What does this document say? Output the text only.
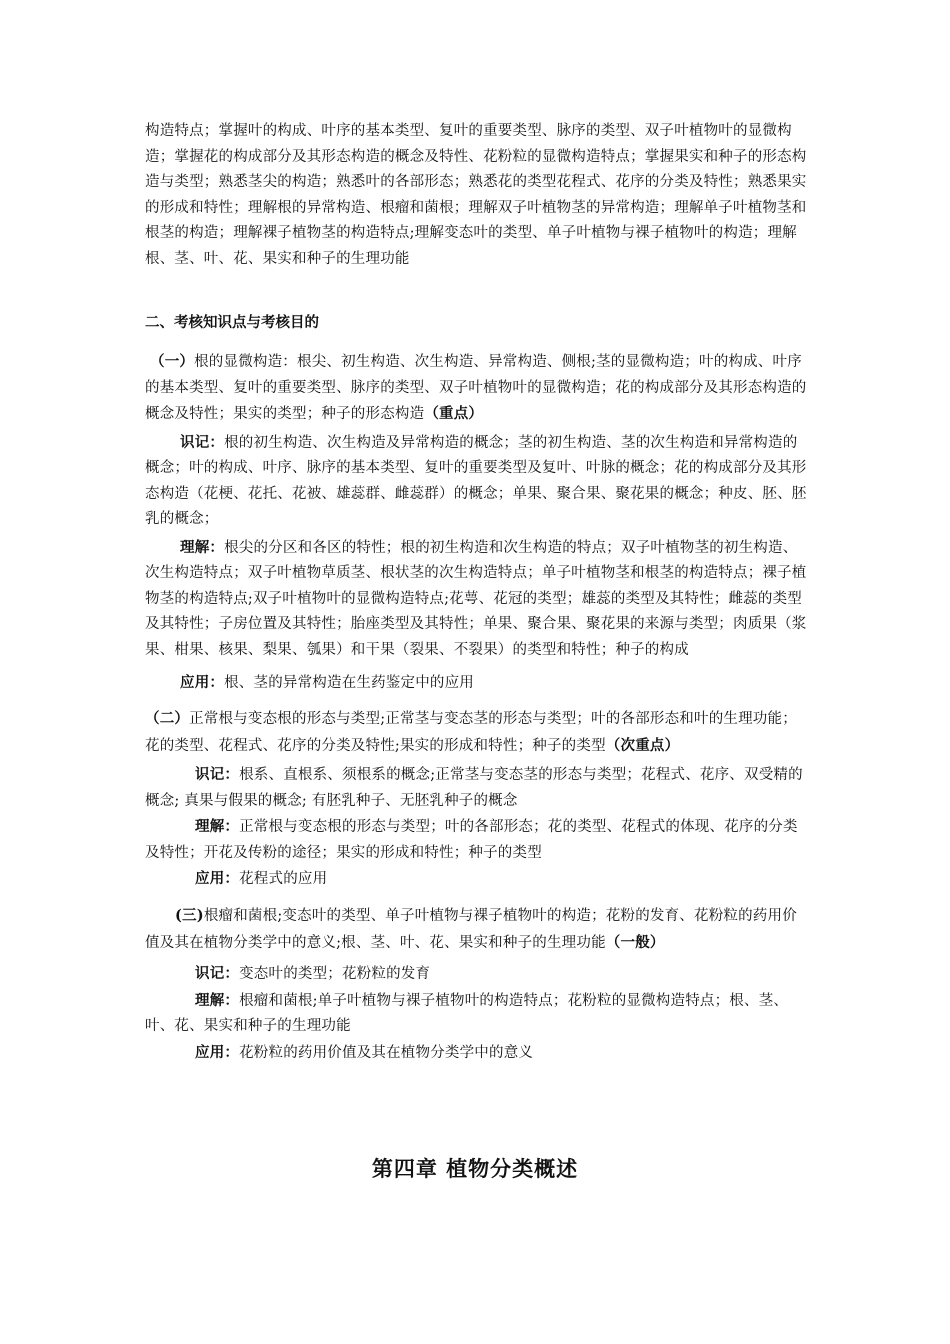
构造特点；掌握叶的构成、叶序的基本类型、复叶的重要类型、脉序的类型、双子叶植物叶的显微构造；掌握花的构成部分及其形态构造的概念及特性、花粉粒的显微构造特点；掌握果实和种子的形态构造与类型；熟悉茎尖的构造；熟悉叶的各部形态；熟悉花的类型花程式、花序的分类及特性；熟悉果实的形成和特性；理解根的异常构造、根瘤和菌根；理解双子叶植物茎的异常构造；理解单子叶植物茎和根茎的构造；理解裸子植物茎的构造特点;理解变态叶的类型、单子叶植物与裸子植物叶的构造；理解根、茎、叶、花、果实和种子的生理功能

二、考核知识点与考核目的

（一）根的显微构造：根尖、初生构造、次生构造、异常构造、侧根;茎的显微构造；叶的构成、叶序的基本类型、复叶的重要类型、脉序的类型、双子叶植物叶的显微构造；花的构成部分及其形态构造的概念及特性；果实的类型；种子的形态构造（重点）

识记：根的初生构造、次生构造及异常构造的概念；茎的初生构造、茎的次生构造和异常构造的概念；叶的构成、叶序、脉序的基本类型、复叶的重要类型及复叶、叶脉的概念；花的构成部分及其形态构造（花梗、花托、花被、雄蕊群、雌蕊群）的概念；单果、聚合果、聚花果的概念；种皮、胚、胚乳的概念；

理解：根尖的分区和各区的特性；根的初生构造和次生构造的特点；双子叶植物茎的初生构造、次生构造特点；双子叶植物草质茎、根状茎的次生构造特点；单子叶植物茎和根茎的构造特点；裸子植物茎的构造特点;双子叶植物叶的显微构造特点;花萼、花冠的类型；雄蕊的类型及其特性；雌蕊的类型及其特性；子房位置及其特性；胎座类型及其特性；单果、聚合果、聚花果的来源与类型；肉质果（浆果、柑果、核果、梨果、瓠果）和干果（裂果、不裂果）的类型和特性；种子的构成

应用：根、茎的异常构造在生药鉴定中的应用

（二）正常根与变态根的形态与类型;正常茎与变态茎的形态与类型；叶的各部形态和叶的生理功能；花的类型、花程式、花序的分类及特性;果实的形成和特性；种子的类型（次重点）

识记：根系、直根系、须根系的概念;正常茎与变态茎的形态与类型；花程式、花序、双受精的概念; 真果与假果的概念; 有胚乳种子、无胚乳种子的概念

理解：正常根与变态根的形态与类型；叶的各部形态；花的类型、花程式的体现、花序的分类及特性；开花及传粉的途径；果实的形成和特性；种子的类型

应用：花程式的应用

(三)根瘤和菌根;变态叶的类型、单子叶植物与裸子植物叶的构造；花粉的发育、花粉粒的药用价值及其在植物分类学中的意义;根、茎、叶、花、果实和种子的生理功能（一般）

识记：变态叶的类型；花粉粒的发育

理解：根瘤和菌根;单子叶植物与裸子植物叶的构造特点；花粉粒的显微构造特点；根、茎、叶、花、果实和种子的生理功能

应用：花粉粒的药用价值及其在植物分类学中的意义

第四章 植物分类概述
